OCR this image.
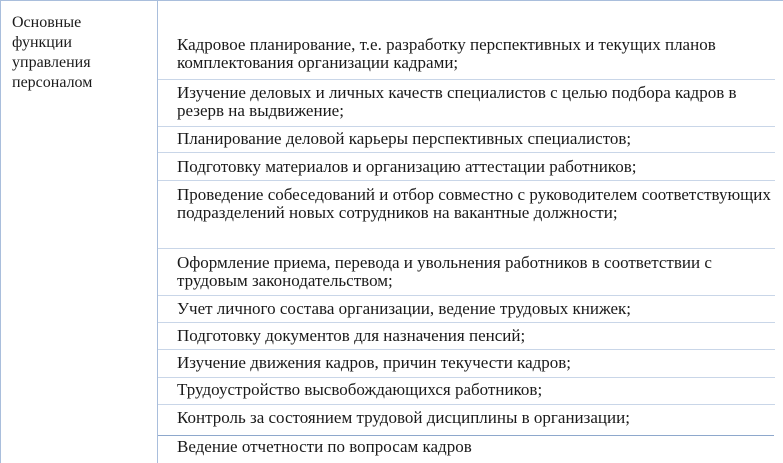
Основные
функции
управления
персоналом
Кадровое планирование, т.е. разработку перспективных и текущих планов комплектования организации кадрами;
Изучение деловых и личных качеств специалистов с целью подбора кадров в резерв на выдвижение;
Планирование деловой карьеры перспективных специалистов;
Подготовку материалов и организацию аттестации работников;
Проведение собеседований и отбор совместно с руководителем соответствующих подразделений новых сотрудников на вакантные должности;
Оформление приема, перевода и увольнения работников в соответствии с трудовым законодательством;
Учет личного состава организации, ведение трудовых книжек;
Подготовку документов для назначения пенсий;
Изучение движения кадров, причин текучести кадров;
Трудоустройство высвобождающихся работников;
Контроль за состоянием трудовой дисциплины в организации;
Ведение отчетности по вопросам кадров
